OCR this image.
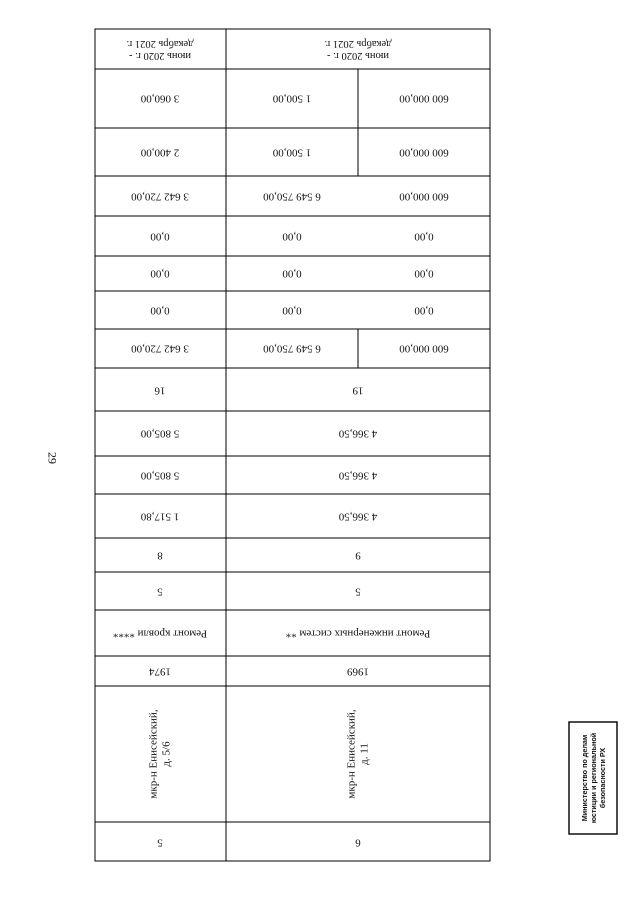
29
июнь 2020 г. -декабрь 2021 г.
июнь 2020 г. -декабрь 2021 г.
3 060,00	1 500,00	600 000,00
2 400,00	1 500,00	600 000,00
3 642 720,00	6 549 750,00	600 000,00
0,00	0,00	0,00
0,00	0,00	0,00
0,00	0,00	0,00
3 642 720,00	6 549 750,00	600 000,00
16	19
5 805,00	4 366,50
5 805,00	4 366,50
1 517,80	4 366,50
8	9
5	5
Ремонт кровли ****	Ремонт инженерных систем **
1974	1969
мкр-н Енисейский,д. 5/6	мкр-н Енисейский,д. 11
5	6
Министерство по делам юстиции и региональной безопасности РХ
